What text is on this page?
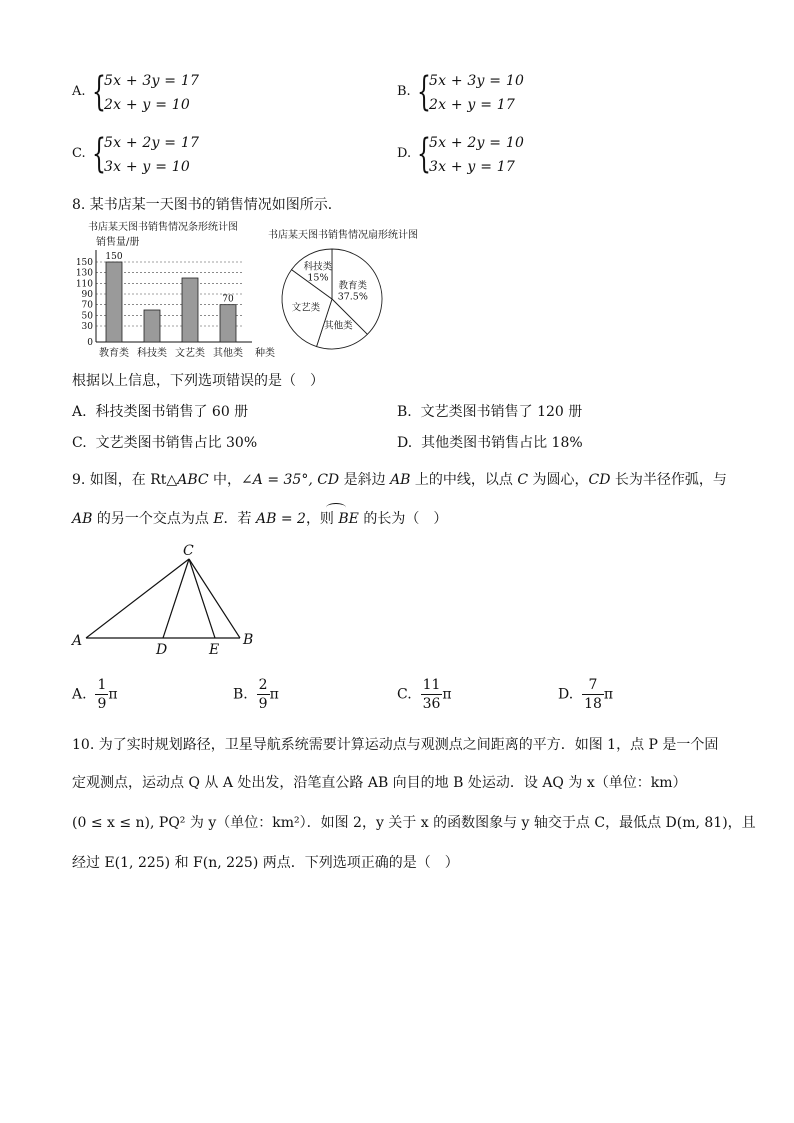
A. {
5x + 3y = 17
2x + y = 10
B. {
5x + 3y = 10
2x + y = 17
C. {
5x + 2y = 17
3x + y = 10
D. {
5x + 2y = 10
3x + y = 17
8. 某书店某一天图书的销售情况如图所示．
书店某天图书销售情况条形统计图
销售量/册
0
30
50
70
90
110
130
150
种类
150
教育类 科技类 文艺类
70
其他类
书店某天图书销售情况扇形统计图
教育类
37.5%
其他类
文艺类
科技类
15%
根据以上信息，下列选项错误的是（　）
A. 科技类图书销售了 60 册	B. 文艺类图书销售了 120 册
C. 文艺类图书销售占比 30%	D. 其他类图书销售占比 18%
9. 如图，在 Rt△ABC 中，∠A = 35°, CD 是斜边 AB 上的中线，以点 C 为圆心，CD 长为半径作弧，与
AB 的另一个交点为点 E．若 AB = 2，则 BE 的长为（　）
A	B
C
D	E
A. $\frac{1}{9}$ π	B. $\frac{2}{9}$ π	C. $\frac{11}{36}$ π	D. $\frac{7}{18}$ π
10. 为了实时规划路径，卫星导航系统需要计算运动点与观测点之间距离的平方．如图 1，点 P 是一个固
定观测点，运动点 Q 从 A 处出发，沿笔直公路 AB 向目的地 B 处运动．设 AQ 为 x（单位：km）
(0 ≤ x ≤ n), PQ² 为 y（单位：km²）．如图 2，y 关于 x 的函数图象与 y 轴交于点 C，最低点 D(m, 81)，且
经过 E(1, 225) 和 F(n, 225) 两点．下列选项正确的是（　）
